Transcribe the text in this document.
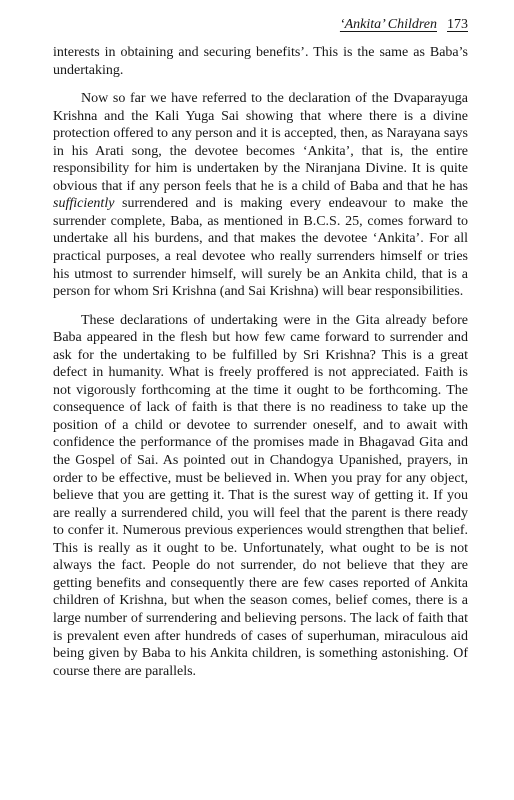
‘Ankita’ Children 173

interests in obtaining and securing benefits’. This is the same as Baba’s undertaking.

Now so far we have referred to the declaration of the Dvaparayuga Krishna and the Kali Yuga Sai showing that where there is a divine protection offered to any person and it is accepted, then, as Narayana says in his Arati song, the devotee becomes ‘Ankita’, that is, the entire responsibility for him is undertaken by the Niranjana Divine. It is quite obvious that if any person feels that he is a child of Baba and that he has sufficiently surrendered and is making every endeavour to make the surrender complete, Baba, as mentioned in B.C.S. 25, comes forward to undertake all his burdens, and that makes the devotee ‘Ankita’. For all practical purposes, a real devotee who really surrenders himself or tries his utmost to surrender himself, will surely be an Ankita child, that is a person for whom Sri Krishna (and Sai Krishna) will bear responsibilities.

These declarations of undertaking were in the Gita already before Baba appeared in the flesh but how few came forward to surrender and ask for the undertaking to be fulfilled by Sri Krishna? This is a great defect in humanity. What is freely proffered is not appreciated. Faith is not vigorously forthcoming at the time it ought to be forthcoming. The consequence of lack of faith is that there is no readiness to take up the position of a child or devotee to surrender oneself, and to await with confidence the performance of the promises made in Bhagavad Gita and the Gospel of Sai. As pointed out in Chandogya Upanished, prayers, in order to be effective, must be believed in. When you pray for any object, believe that you are getting it. That is the surest way of getting it. If you are really a surrendered child, you will feel that the parent is there ready to confer it. Numerous previous experiences would strengthen that belief. This is really as it ought to be. Unfortunately, what ought to be is not always the fact. People do not surrender, do not believe that they are getting benefits and consequently there are few cases reported of Ankita children of Krishna, but when the season comes, belief comes, there is a large number of surrendering and believing persons. The lack of faith that is prevalent even after hundreds of cases of superhuman, miraculous aid being given by Baba to his Ankita children, is something astonishing. Of course there are parallels.
